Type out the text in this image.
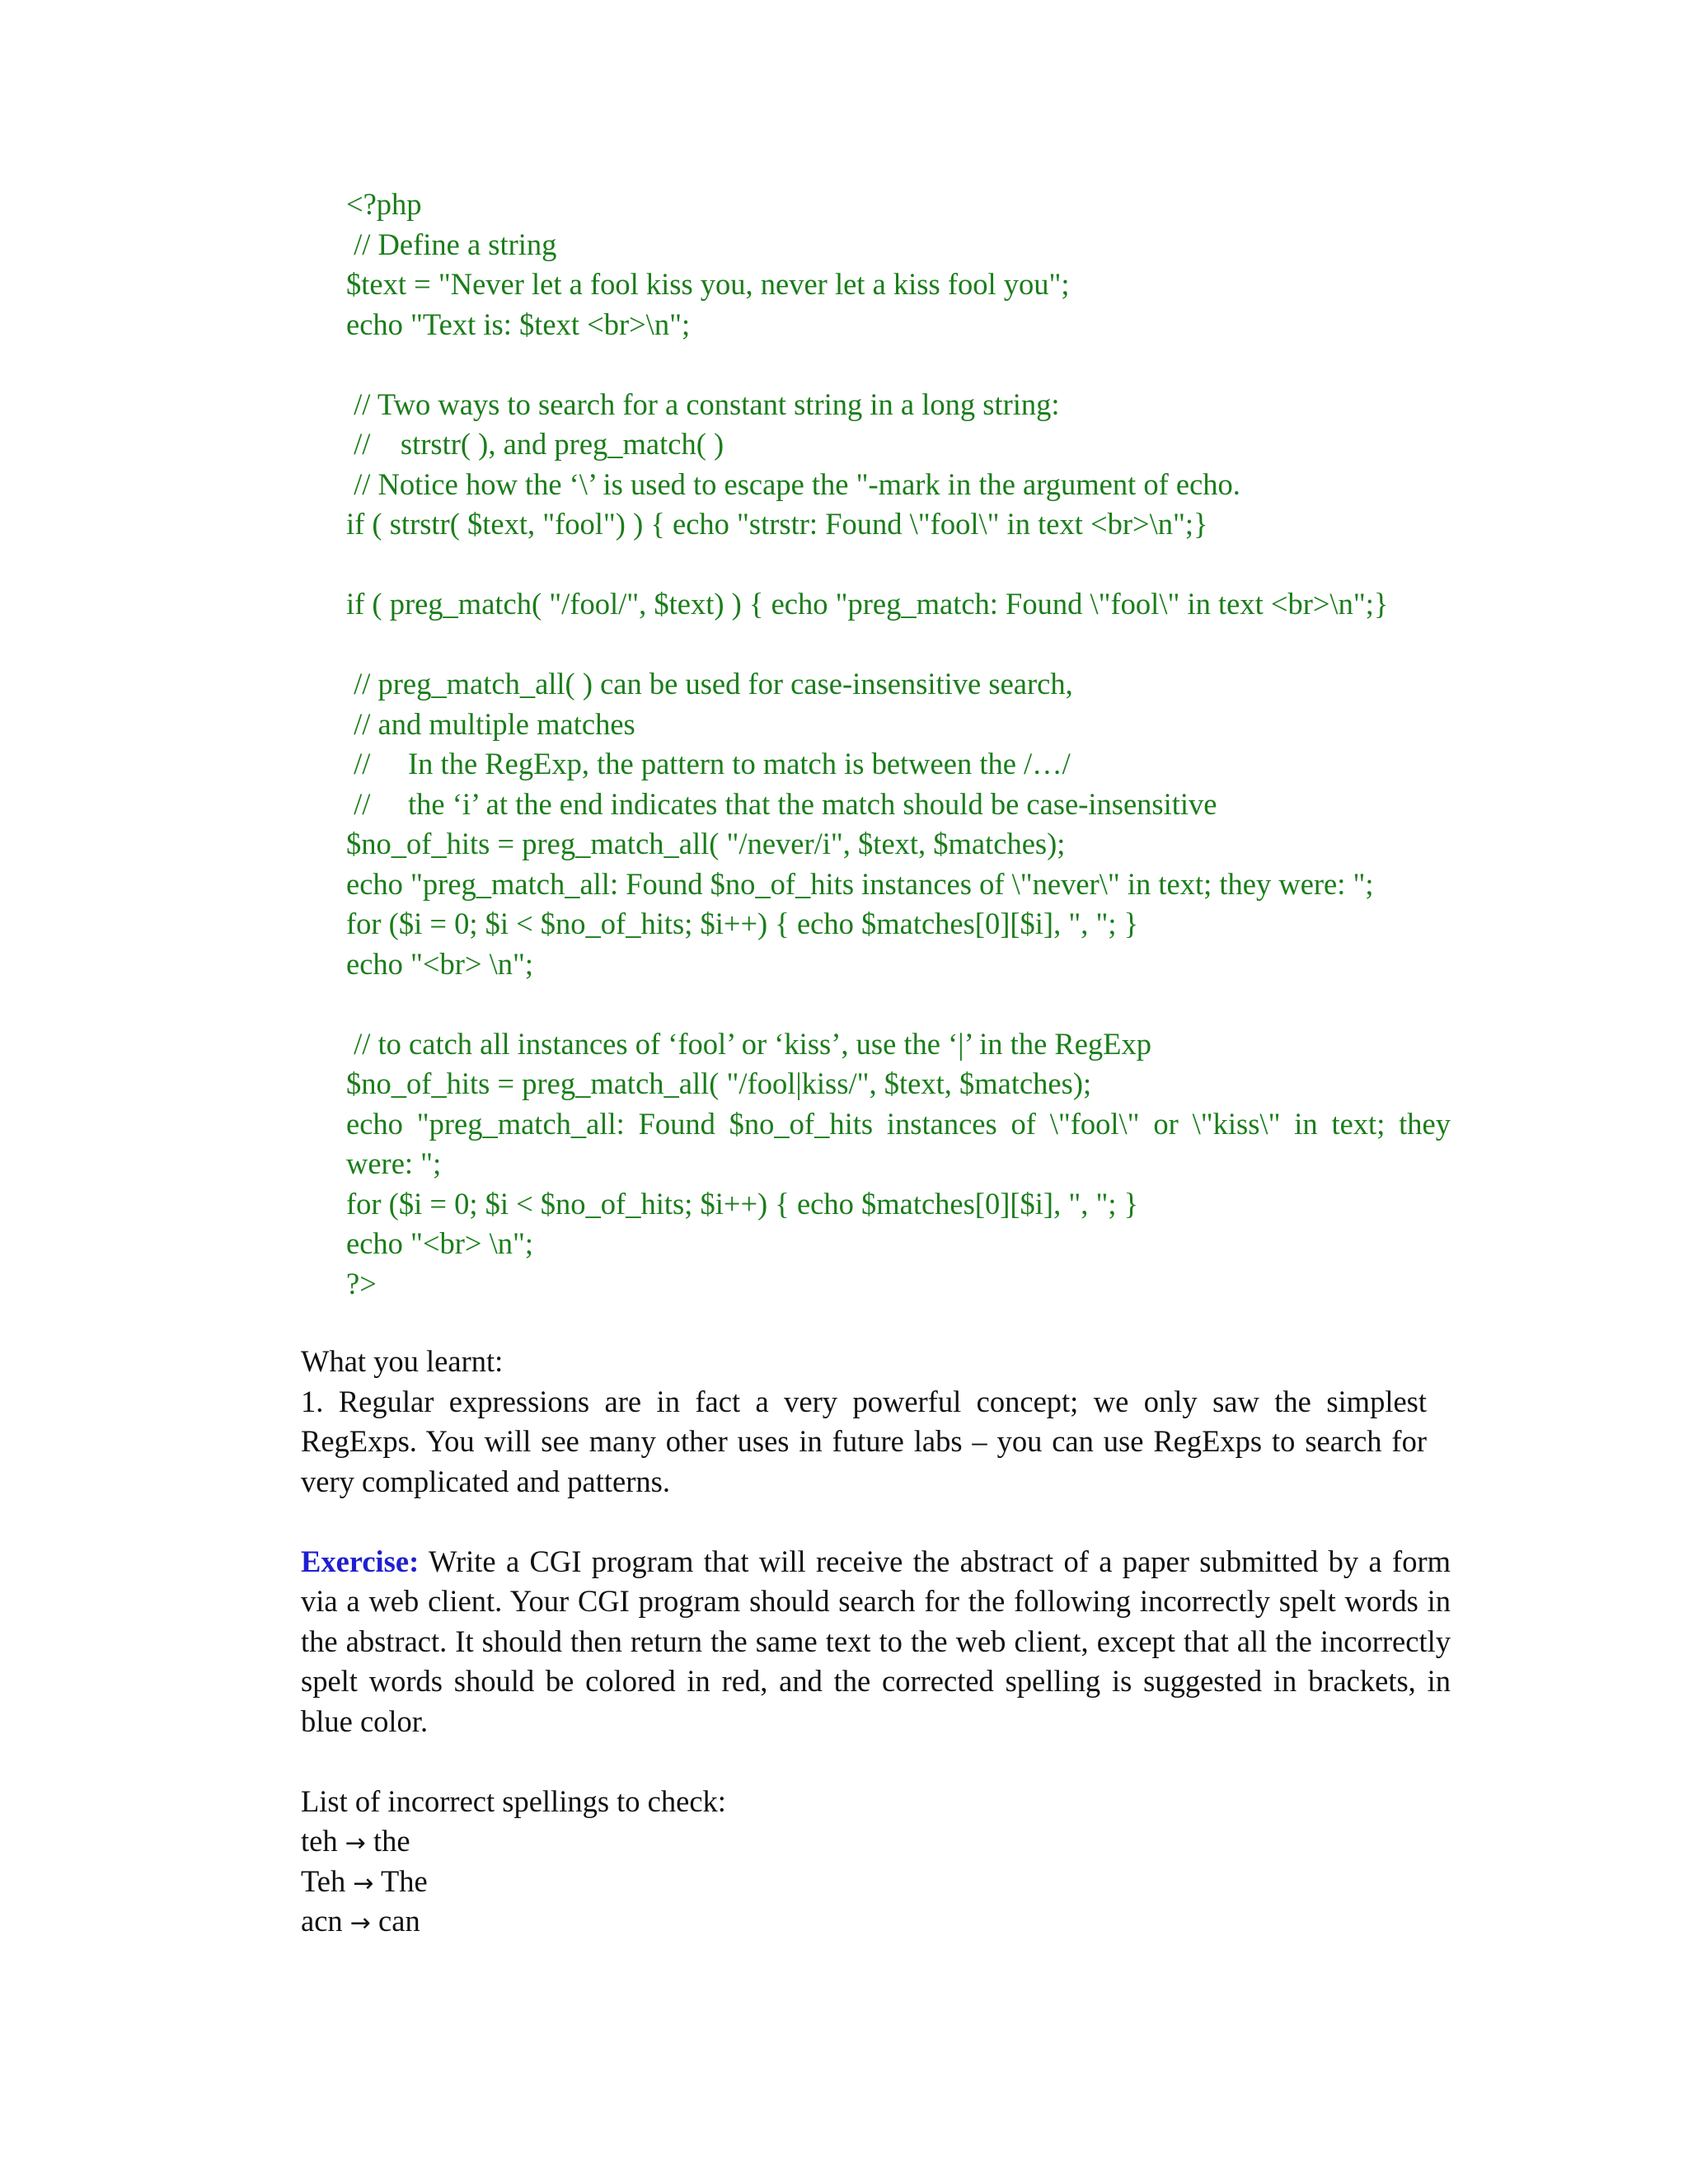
<?php
// Define a string
$text = "Never let a fool kiss you, never let a kiss fool you";
echo "Text is: $text <br>\n";
// Two ways to search for a constant string in a long string:
//    strstr( ), and preg_match( )
// Notice how the ‘\’ is used to escape the "-mark in the argument of echo.
if ( strstr( $text, "fool") ) { echo "strstr: Found \"fool\" in text <br>\n";}
if ( preg_match( "/fool/", $text) ) { echo "preg_match: Found \"fool\" in text <br>\n";}
// preg_match_all( ) can be used for case-insensitive search,
// and multiple matches
//     In the RegExp, the pattern to match is between the /…/
//     the ‘i’ at the end indicates that the match should be case-insensitive
$no_of_hits = preg_match_all( "/never/i", $text, $matches);
echo "preg_match_all: Found $no_of_hits instances of \"never\" in text; they were: ";
for ($i = 0; $i < $no_of_hits; $i++) { echo $matches[0][$i], ", "; }
echo "<br> \n";
// to catch all instances of ‘fool’ or ‘kiss’, use the ‘|’ in the RegExp
$no_of_hits = preg_match_all( "/fool|kiss/", $text, $matches);
echo "preg_match_all: Found $no_of_hits instances of \"fool\" or \"kiss\" in text; they
were: ";
for ($i = 0; $i < $no_of_hits; $i++) { echo $matches[0][$i], ", "; }
echo "<br> \n";
?>
What you learnt:
1. Regular expressions are in fact a very powerful concept; we only saw the simplest RegExps. You will see many other uses in future labs – you can use RegExps to search for very complicated and patterns.
Exercise: Write a CGI program that will receive the abstract of a paper submitted by a form via a web client. Your CGI program should search for the following incorrectly spelt words in the abstract. It should then return the same text to the web client, except that all the incorrectly spelt words should be colored in red, and the corrected spelling is suggested in brackets, in blue color.
List of incorrect spellings to check:
teh → the
Teh → The
acn → can
